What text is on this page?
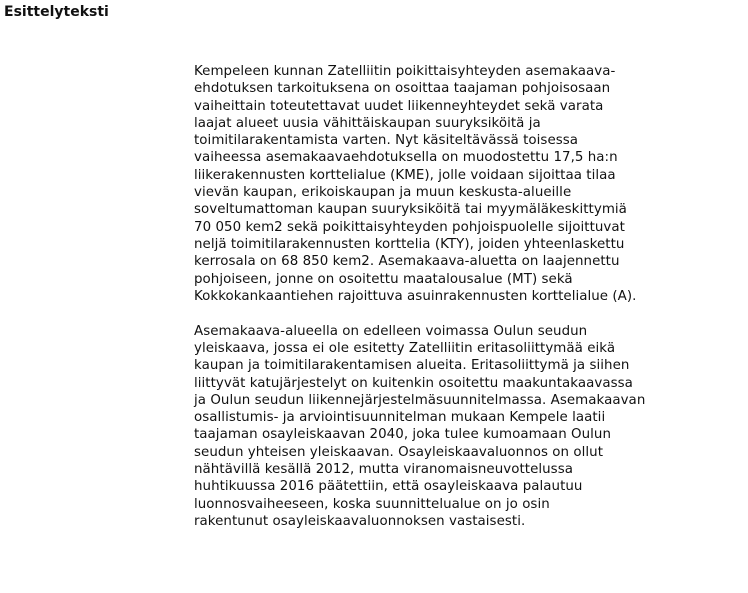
Esittelyteksti

Kempeleen kunnan Zatelliitin poikittaisyhteyden asemakaava-
ehdotuksen tarkoituksena on osoittaa taajaman pohjoisosaan
vaiheittain toteutettavat uudet liikenneyhteydet sekä varata
laajat alueet uusia vähittäiskaupan suuryksiköitä ja
toimitilarakentamista varten. Nyt käsiteltävässä toisessa
vaiheessa asemakaavaehdotuksella on muodostettu 17,5 ha:n
liikerakennusten korttelialue (KME), jolle voidaan sijoittaa tilaa
vievän kaupan, erikoiskaupan ja muun keskusta-alueille
soveltumattoman kaupan suuryksiköitä tai myymäläkeskittymiä
70 050 kem2 sekä poikittaisyhteyden pohjoispuolelle sijoittuvat
neljä toimitilarakennusten korttelia (KTY), joiden yhteenlaskettu
kerrosala on 68 850 kem2. Asemakaava-aluetta on laajennettu
pohjoiseen, jonne on osoitettu maatalousalue (MT) sekä
Kokkokankaantiehen rajoittuva asuinrakennusten korttelialue (A).

Asemakaava-alueella on edelleen voimassa Oulun seudun
yleiskaava, jossa ei ole esitetty Zatelliitin eritasoliittymää eikä
kaupan ja toimitilarakentamisen alueita. Eritasoliittymä ja siihen
liittyvät katujärjestelyt on kuitenkin osoitettu maakuntakaavassa
ja Oulun seudun liikennejärjestelmäsuunnitelmassa. Asemakaavan
osallistumis- ja arviointisuunnitelman mukaan Kempele laatii
taajaman osayleiskaavan 2040, joka tulee kumoamaan Oulun
seudun yhteisen yleiskaavan. Osayleiskaavaluonnos on ollut
nähtävillä kesällä 2012, mutta viranomaisneuvottelussa
huhtikuussa 2016 päätettiin, että osayleiskaava palautuu
luonnosvaiheeseen, koska suunnittelualue on jo osin
rakentunut osayleiskaavaluonnoksen vastaisesti.
